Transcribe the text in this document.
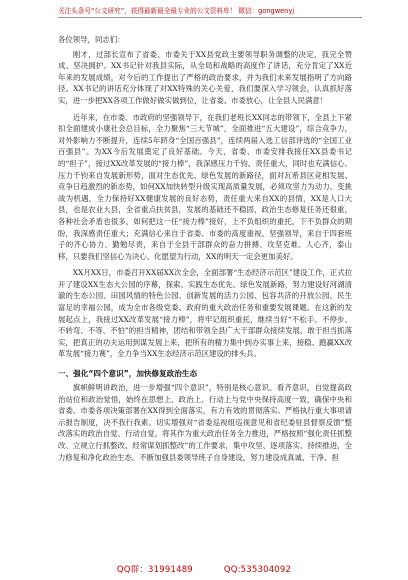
关注头条号“公文研究”，获得最新最全最专业的公文资料库！ 微信：gongwenyj

各位领导，同志们：

刚才，过部长宣布了省委、市委关于XX县党政主要领导职务调整的决定，我完全赞成、坚决拥护。XX书记针对我县实际，从全局和战略的高度作了讲话，充分肯定了XX近年来的发展成绩，对今后的工作提出了严格的政治要求，并为我们未来发展指明了方向路径。XX书记的讲话充分体现了对XX特殊的关心关爱，我们要深入学习领会，认真抓好落实，进一步把XX各项工作做好做实做到位，让省委、市委放心，让全县人民满意！

近年来，在市委、市政府的坚强领导下，在我们老班长XX同志的带领下，全县上下紧扣全面建成小康社会总目标，全力聚焦“三大节城”，全面推进“五大建设”，综合竞争力，对外影响力不断提升，连续5年跻身“全国百强县”，连续两届入选工信部评选的“全国工业百强县”。为XX今后发展奠定了良好基础。今天，省委、市委安排我接任XX县委书记的“担子”，接过XX改革发展的“接力棒”，我深感压力千钧、责任重大，同时也充满信心。压力千钧来自发展新形势，面对生态优先、绿色发展的新路径，面对瓦希县区竞相发展、竞争日趋激烈的新态势，如何XX加快转型升级实现高质量发展，必须攻坚力为动力、变挑战为机遇，全力保持好XX健康发展的良好态势，责任重大来自XX的县情，XX是人口大县，也是农业大县，全省重点扶贫县，发展的基础还不稳固，政治生态修复任务还很重，各种社会矛盾也很多，如何把这一任“接力棒”接好，上不负组织的重托，下不负群众的期盼，我深感责任重大；充满信心来自于省委、市委的高度重视、坚强领导，来自于四套班子的齐心协力、勤勉尽责，来自于全县干部群众的奋力拼搏、攻坚克难。人心齐，泰山移，只要我们坚信心为决心、化愿望为行动，XX的明天一定会更加美好。

XX月XX日，市委召开XX届XX次全会，全面部署“生态经济示范区”建设工作，正式拉开了建设XX生态大公园的序幕，探索、实践生态优先、绿色发展新路，努力建设好河湖清澈的生态公园、田园风情的特色公园、创新发展的活力公园、包容共济的开放公园、民生富足的幸福公园，成为全市各级党委、政府的重大政治任务和重要发展课题。在这新的发展起点上，我接过XX改革发展“接力棒”，将牢记组织重托，继续当好“不松手、不停步、不转弯、不等、不怕”的担当精神，团结和带领全县广大干部群众接续发展、敢于担当抓落实，把真正的功夫运用到谋发展上来，把所有的精力集中到办实事上来，接稳、跑赢XX改革发展“接力赛”，全力争当XX生态经济示范区建设的排头兵。

一、强化“四个意识”，加快修复政治生态

旗帜鲜明讲政治，进一步增强“四个意识”，特别是核心意识、看齐意识，自觉提高政治站位和政治觉悟，始终在思想上、政治上、行动上与党中央保持高度一致，确保中央和省委、市委各项决策部署在XX得到全面落实，有力有效的贯彻落实。严格执行重大事项请示报告制度，决不我行我素。切实增强对“省委巡视组巡视意见和省纪委驻县督察反馈”整改落实的政治自觉、行动自觉，将其作为重大政治任务全力推进，严格按照“强化责任抓整改、立规立行抓整改、经常谋划抓整改”的工作要求，集中攻坚、逐项落实、持续推进，全力修复和净化政治生态。不断加强县委领导班子自身建设，努力建设成真诚、干净、担

QQ群：31991489	QQ:535304092
